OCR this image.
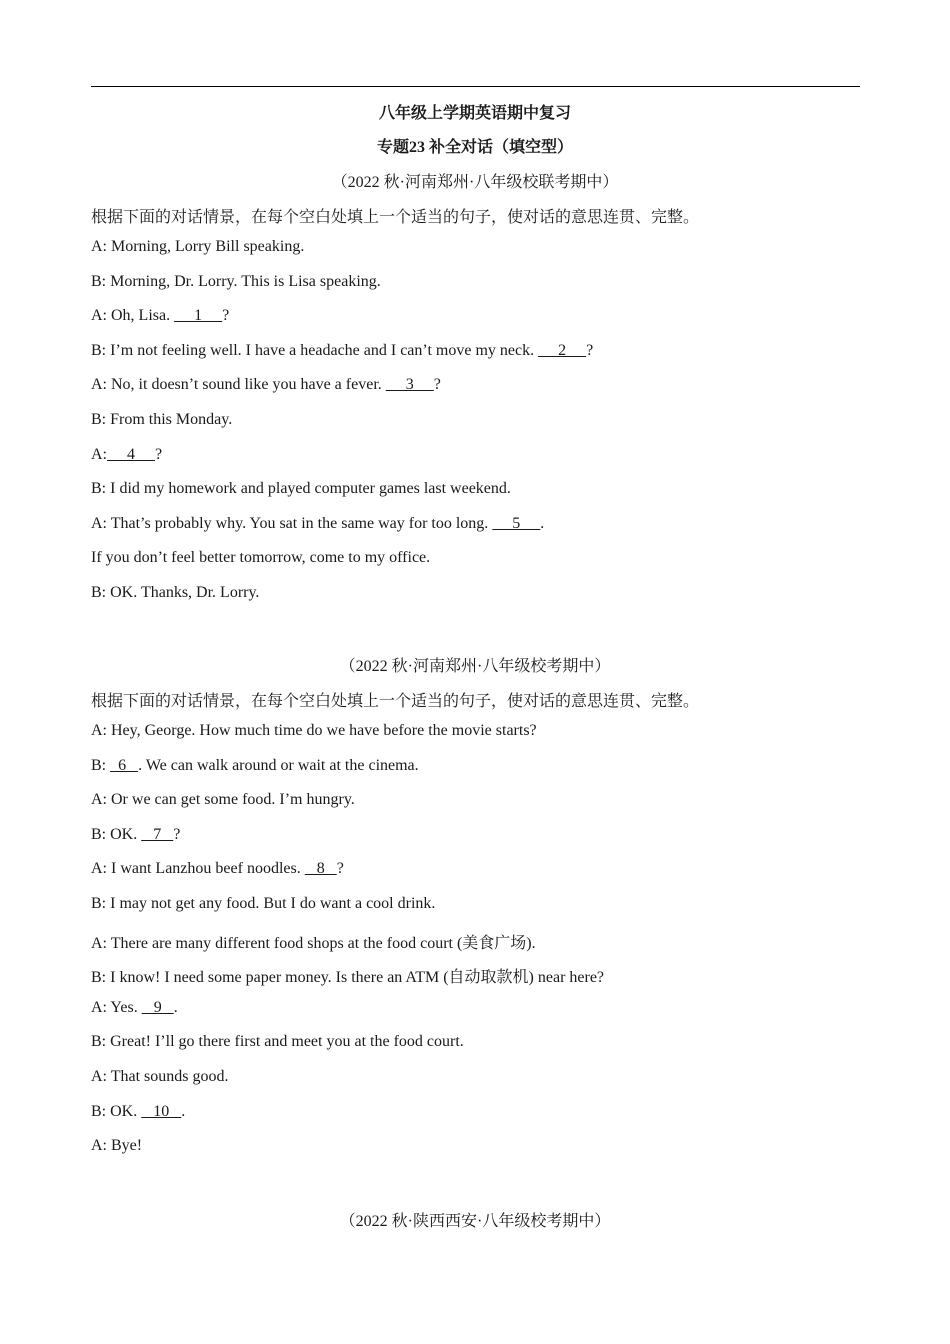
八年级上学期英语期中复习
专题23 补全对话（填空型）
（2022 秋·河南郑州·八年级校联考期中）
根据下面的对话情景，在每个空白处填上一个适当的句子，使对话的意思连贯、完整。
A: Morning, Lorry Bill speaking.
B: Morning, Dr. Lorry. This is Lisa speaking.
A: Oh, Lisa.      1     ?
B: I’m not feeling well. I have a headache and I can’t move my neck.      2     ?
A: No, it doesn’t sound like you have a fever.      3     ?
B: From this Monday.
A:     4     ?
B: I did my homework and played computer games last weekend.
A: That’s probably why. You sat in the same way for too long.      5     .
If you don’t feel better tomorrow, come to my office.
B: OK. Thanks, Dr. Lorry.
（2022 秋·河南郑州·八年级校考期中）
根据下面的对话情景，在每个空白处填上一个适当的句子，使对话的意思连贯、完整。
A: Hey, George. How much time do we have before the movie starts?
B:   6   . We can walk around or wait at the cinema.
A: Or we can get some food. I’m hungry.
B: OK.    7   ?
A: I want Lanzhou beef noodles.    8   ?
B: I may not get any food. But I do want a cool drink.
A: There are many different food shops at the food court (美食广场).
B: I know! I need some paper money. Is there an ATM (自动取款机) near here?
A: Yes.    9   .
B: Great! I’ll go there first and meet you at the food court.
A: That sounds good.
B: OK.    10   .
A: Bye!
（2022 秋·陕西西安·八年级校考期中）
